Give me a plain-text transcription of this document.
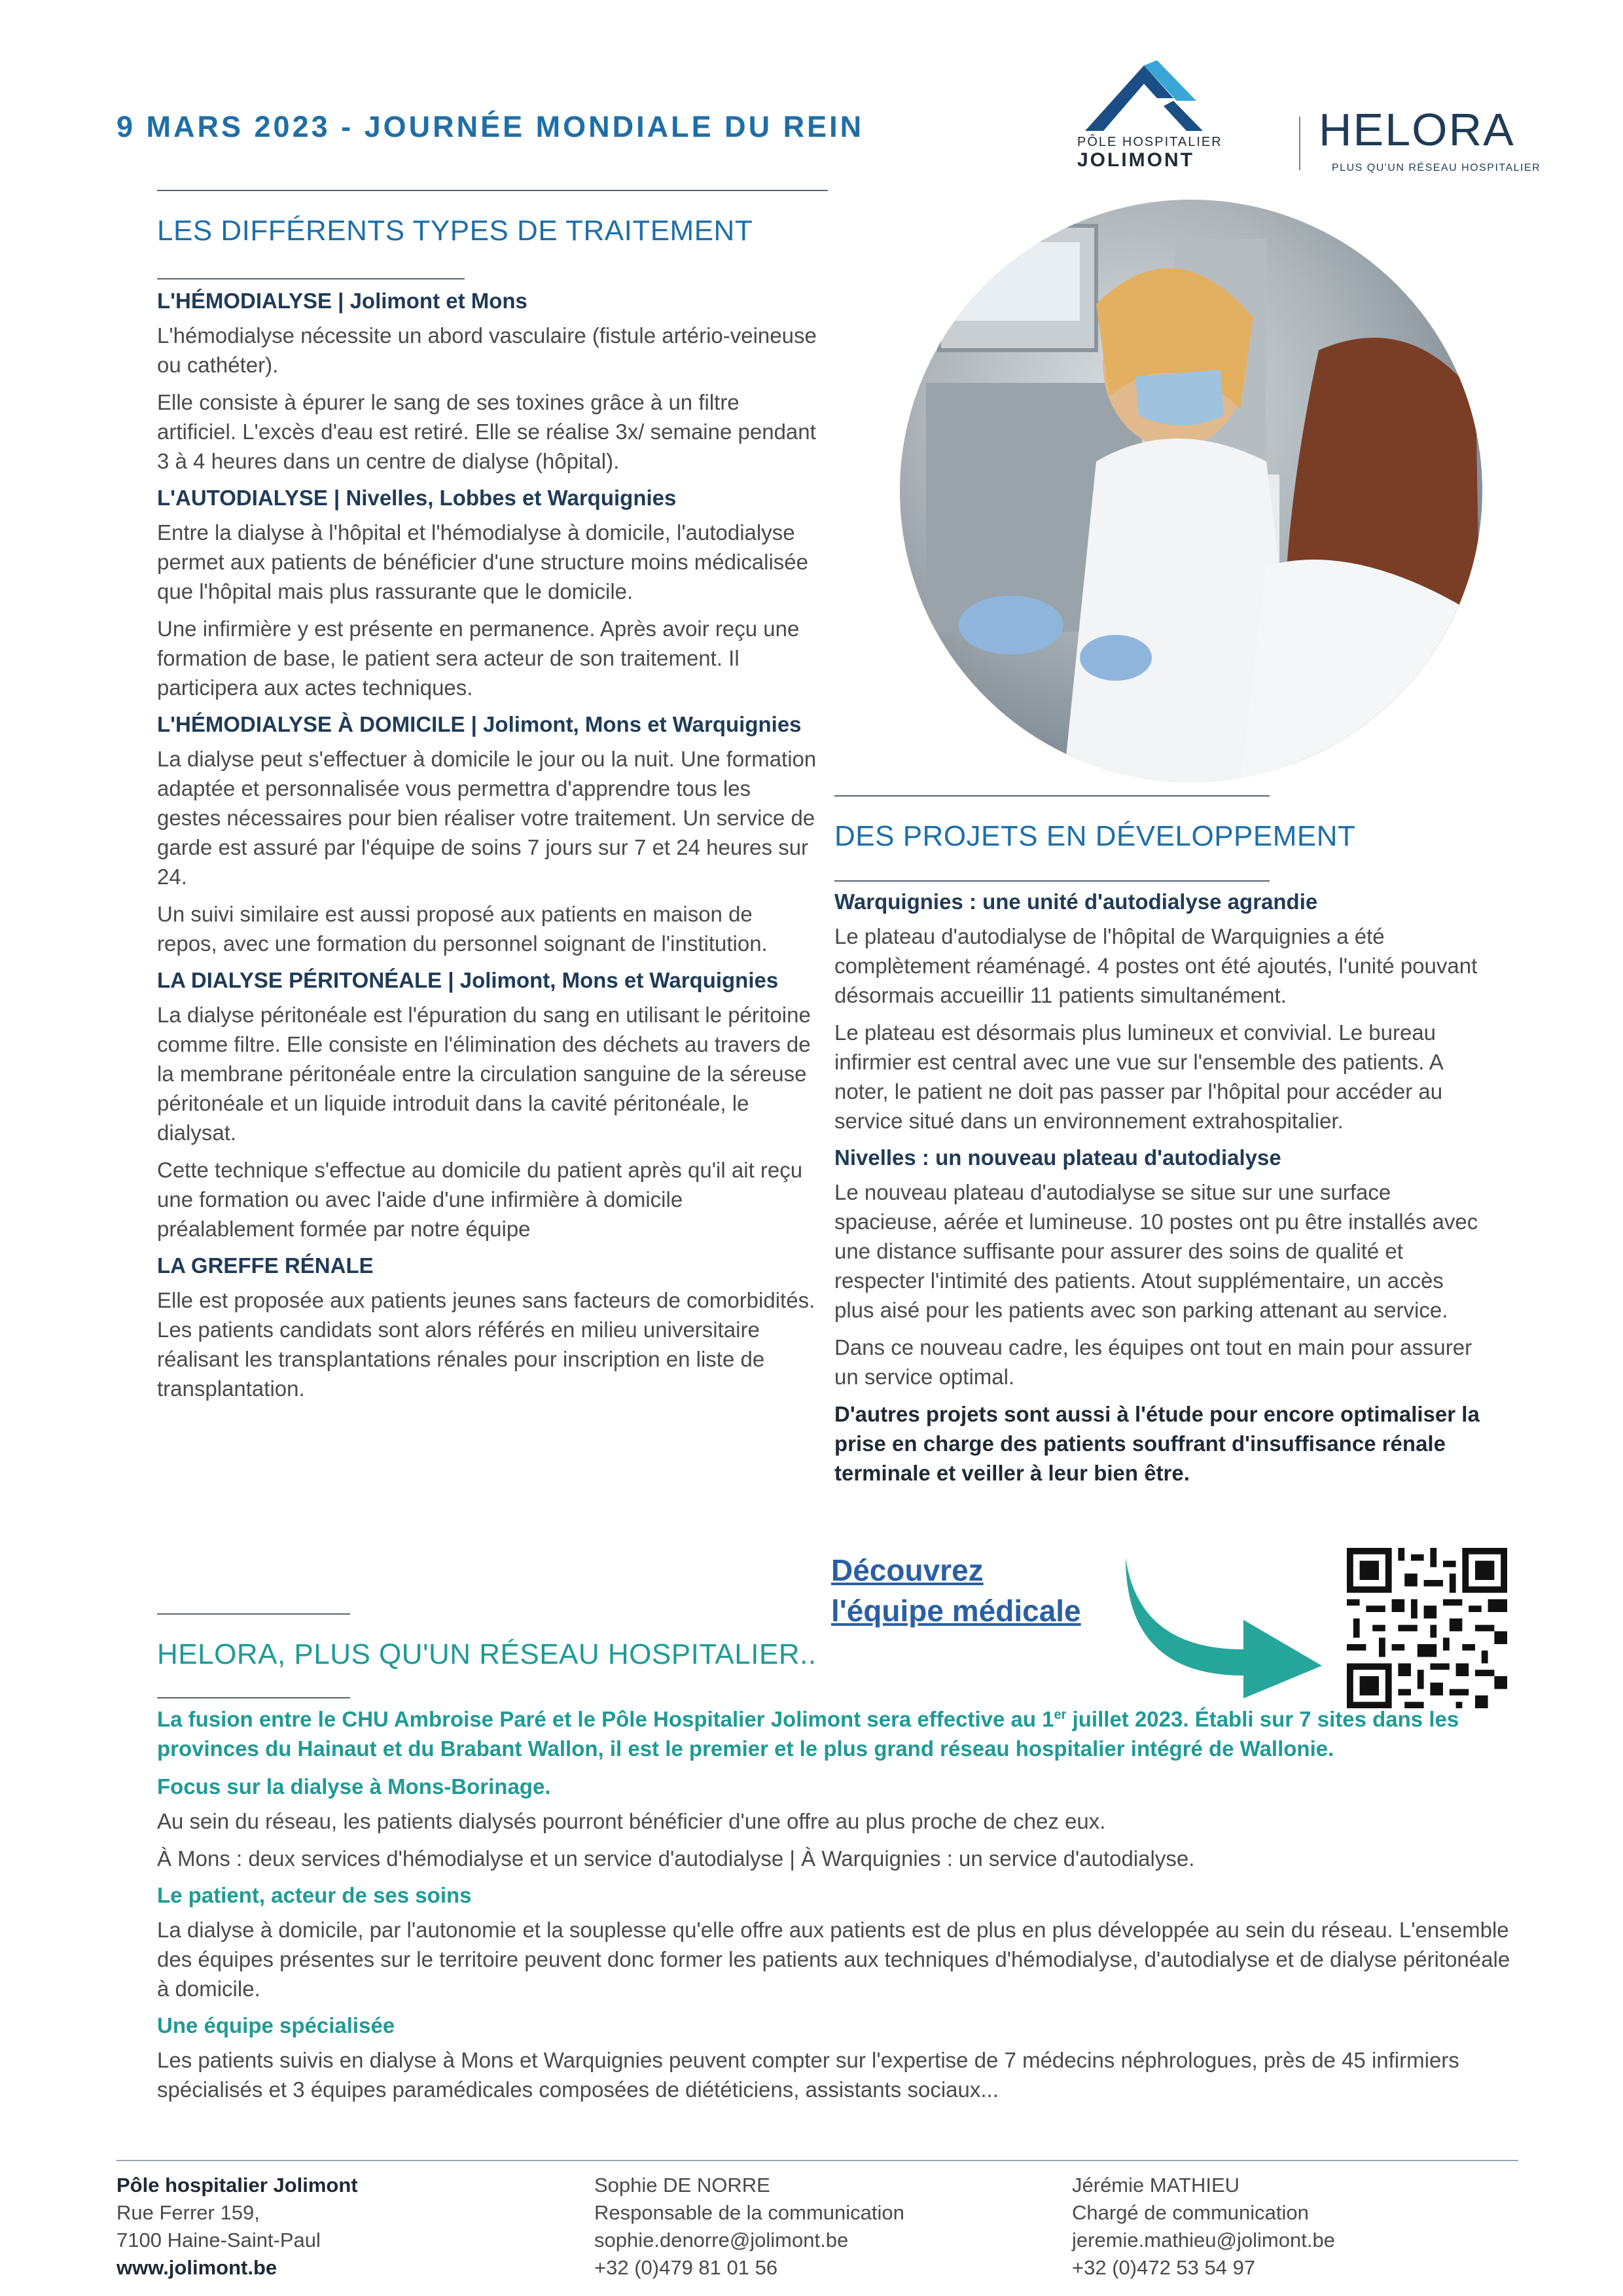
9 MARS 2023 - JOURNÉE MONDIALE DU REIN	PÔLE HOSPITALIER
JOLIMONT
HELORA
PLUS QU'UN RÉSEAU HOSPITALIER
LES DIFFÉRENTS TYPES DE TRAITEMENT
L'HÉMODIALYSE | Jolimont et Mons

L'hémodialyse nécessite un abord vasculaire (fistule artério-veineuse ou cathéter).

Elle consiste à épurer le sang de ses toxines grâce à un filtre artificiel. L'excès d'eau est retiré. Elle se réalise 3x/ semaine pendant 3 à 4 heures dans un centre de dialyse (hôpital).

L'AUTODIALYSE | Nivelles, Lobbes et Warquignies

Entre la dialyse à l'hôpital et l'hémodialyse à domicile, l'autodialyse permet aux patients de bénéficier d'une structure moins médicalisée que l'hôpital mais plus rassurante que le domicile.

Une infirmière y est présente en permanence. Après avoir reçu une formation de base, le patient sera acteur de son traitement. Il participera aux actes techniques.

L'HÉMODIALYSE À DOMICILE | Jolimont, Mons et Warquignies

La dialyse peut s'effectuer à domicile le jour ou la nuit. Une formation adaptée et personnalisée vous permettra d'apprendre tous les gestes nécessaires pour bien réaliser votre traitement. Un service de garde est assuré par l'équipe de soins 7 jours sur 7 et 24 heures sur 24.

Un suivi similaire est aussi proposé aux patients en maison de repos, avec une formation du personnel soignant de l'institution.

LA DIALYSE PÉRITONÉALE | Jolimont, Mons et Warquignies

La dialyse péritonéale est l'épuration du sang en utilisant le péritoine comme filtre. Elle consiste en l'élimination des déchets au travers de la membrane péritonéale entre la circulation sanguine de la séreuse péritonéale et un liquide introduit dans la cavité péritonéale, le dialysat.

Cette technique s'effectue au domicile du patient après qu'il ait reçu une formation ou avec l'aide d'une infirmière à domicile préalablement formée par notre équipe

LA GREFFE RÉNALE

Elle est proposée aux patients jeunes sans facteurs de comorbidités. Les patients candidats sont alors référés en milieu universitaire réalisant les transplantations rénales pour inscription en liste de transplantation.

DES PROJETS EN DÉVELOPPEMENT
Warquignies : une unité d'autodialyse agrandie

Le plateau d'autodialyse de l'hôpital de Warquignies a été complètement réaménagé. 4 postes ont été ajoutés, l'unité pouvant désormais accueillir 11 patients simultanément.

Le plateau est désormais plus lumineux et convivial. Le bureau infirmier est central avec une vue sur l'ensemble des patients. A noter, le patient ne doit pas passer par l'hôpital pour accéder au service situé dans un environnement extrahospitalier.

Nivelles : un nouveau plateau d'autodialyse

Le nouveau plateau d'autodialyse se situe sur une surface spacieuse, aérée et lumineuse. 10 postes ont pu être installés avec une distance suffisante pour assurer des soins de qualité et respecter l'intimité des patients. Atout supplémentaire, un accès plus aisé pour les patients avec son parking attenant au service.

Dans ce nouveau cadre, les équipes ont tout en main pour assurer un service optimal.

D'autres projets sont aussi à l'étude pour encore optimaliser la prise en charge des patients souffrant d'insuffisance rénale terminale et veiller à leur bien être.

Découvrez
l'équipe médicale
HELORA, PLUS QU'UN RÉSEAU HOSPITALIER..

La fusion entre le CHU Ambroise Paré et le Pôle Hospitalier Jolimont sera effective au 1er juillet 2023. Établi sur 7 sites dans les provinces du Hainaut et du Brabant Wallon, il est le premier et le plus grand réseau hospitalier intégré de Wallonie.

Focus sur la dialyse à Mons-Borinage.

Au sein du réseau, les patients dialysés pourront bénéficier d'une offre au plus proche de chez eux.

À Mons : deux services d'hémodialyse et un service d'autodialyse | À Warquignies : un service d'autodialyse.

Le patient, acteur de ses soins

La dialyse à domicile, par l'autonomie et la souplesse qu'elle offre aux patients est de plus en plus développée au sein du réseau. L'ensemble des équipes présentes sur le territoire peuvent donc former les patients aux techniques d'hémodialyse, d'autodialyse et de dialyse péritonéale à domicile.

Une équipe spécialisée

Les patients suivis en dialyse à Mons et Warquignies peuvent compter sur l'expertise de 7 médecins néphrologues, près de 45 infirmiers spécialisés et 3 équipes paramédicales composées de diététiciens, assistants sociaux...

Pôle hospitalier Jolimont
Rue Ferrer 159,
7100 Haine-Saint-Paul
www.jolimont.be
Sophie DE NORRE
Responsable de la communication
sophie.denorre@jolimont.be
+32 (0)479 81 01 56
Jérémie MATHIEU
Chargé de communication
jeremie.mathieu@jolimont.be
+32 (0)472 53 54 97
